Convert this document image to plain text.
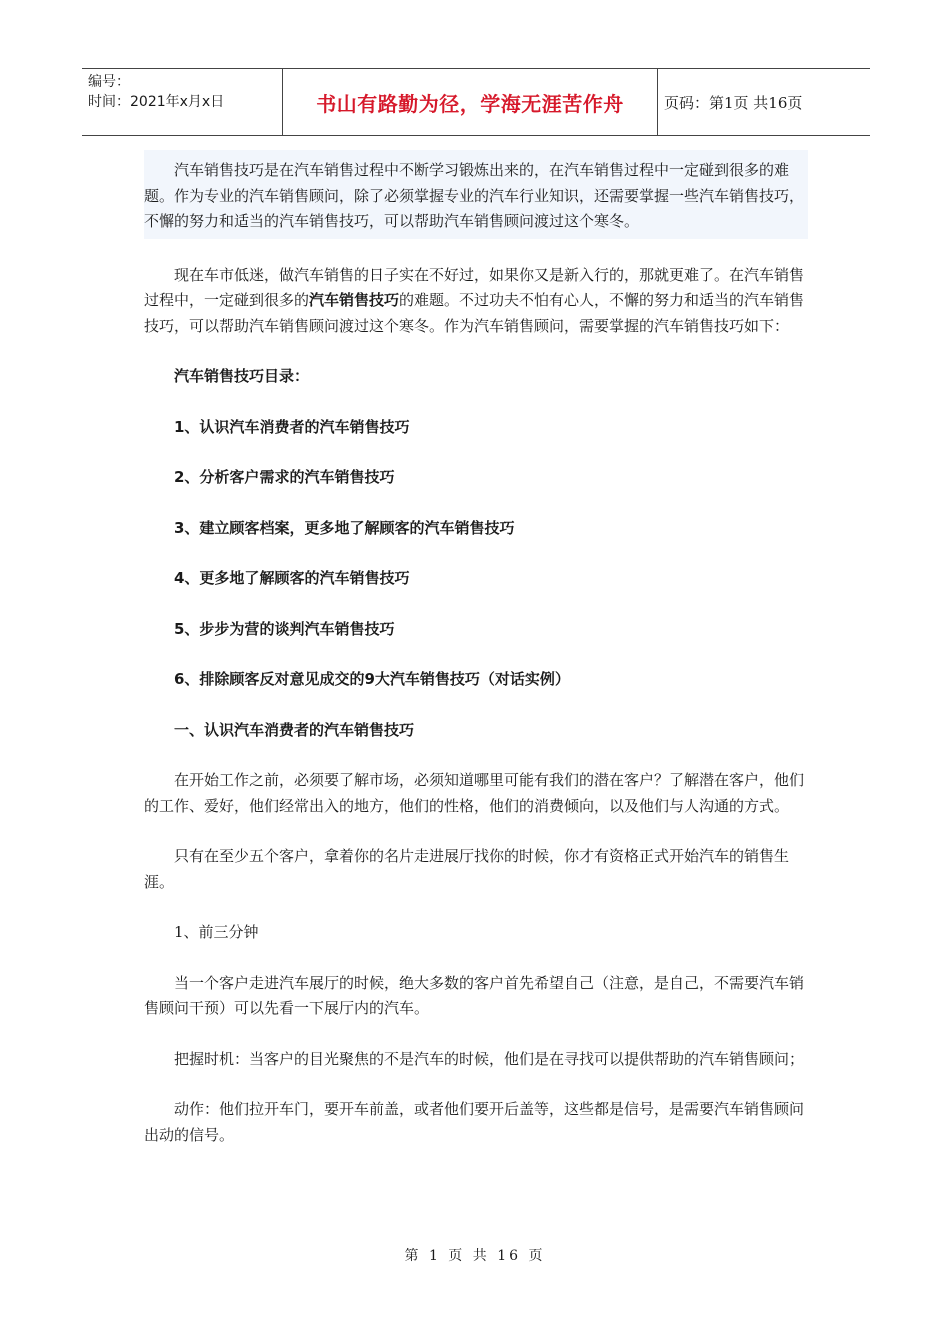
编号：
时间：2021年x月x日	书山有路勤为径，学海无涯苦作舟	页码：第1页 共16页

汽车销售技巧是在汽车销售过程中不断学习锻炼出来的，在汽车销售过程中一定碰到很多的难题。作为专业的汽车销售顾问，除了必须掌握专业的汽车行业知识，还需要掌握一些汽车销售技巧，不懈的努力和适当的汽车销售技巧，可以帮助汽车销售顾问渡过这个寒冬。

现在车市低迷，做汽车销售的日子实在不好过，如果你又是新入行的，那就更难了。在汽车销售过程中，一定碰到很多的汽车销售技巧的难题。不过功夫不怕有心人，不懈的努力和适当的汽车销售技巧，可以帮助汽车销售顾问渡过这个寒冬。作为汽车销售顾问，需要掌握的汽车销售技巧如下：

汽车销售技巧目录：

1、认识汽车消费者的汽车销售技巧

2、分析客户需求的汽车销售技巧

3、建立顾客档案，更多地了解顾客的汽车销售技巧

4、更多地了解顾客的汽车销售技巧

5、步步为营的谈判汽车销售技巧

6、排除顾客反对意见成交的9大汽车销售技巧（对话实例）

一、认识汽车消费者的汽车销售技巧

在开始工作之前，必须要了解市场，必须知道哪里可能有我们的潜在客户？了解潜在客户，他们的工作、爱好，他们经常出入的地方，他们的性格，他们的消费倾向，以及他们与人沟通的方式。

只有在至少五个客户，拿着你的名片走进展厅找你的时候，你才有资格正式开始汽车的销售生涯。

1、前三分钟

当一个客户走进汽车展厅的时候，绝大多数的客户首先希望自己（注意，是自己，不需要汽车销售顾问干预）可以先看一下展厅内的汽车。

把握时机：当客户的目光聚焦的不是汽车的时候，他们是在寻找可以提供帮助的汽车销售顾问；

动作：他们拉开车门，要开车前盖，或者他们要开后盖等，这些都是信号，是需要汽车销售顾问出动的信号。

第 1 页 共 16 页
